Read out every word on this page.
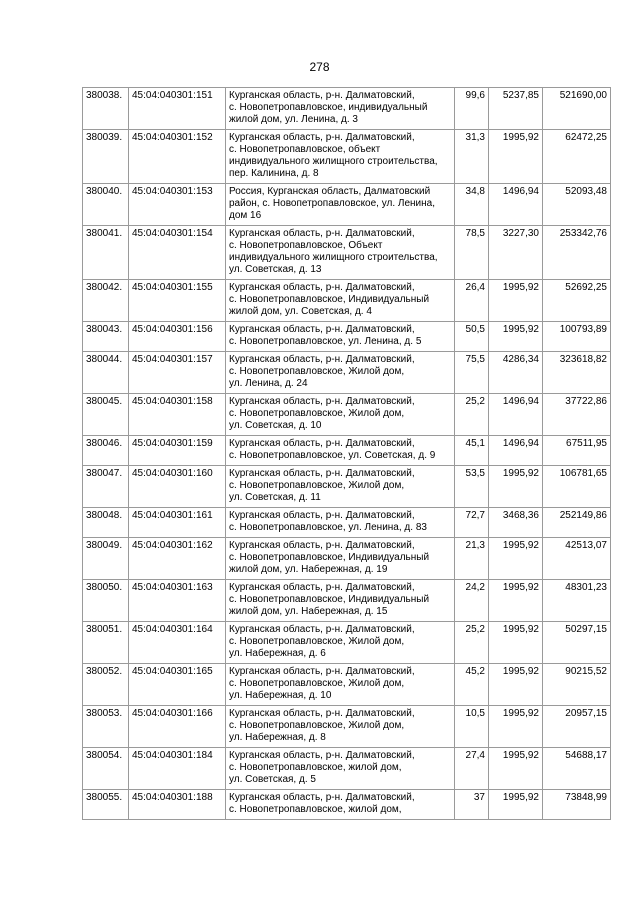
278
380038.	45:04:040301:151	Курганская область, р-н. Далматовский,
с. Новопетропавловское, индивидуальный
жилой дом, ул. Ленина, д. 3	99,6	5237,85	521690,00
380039.	45:04:040301:152	Курганская область, р-н. Далматовский,
с. Новопетропавловское, объект
индивидуального жилищного строительства,
пер. Калинина, д. 8	31,3	1995,92	62472,25
380040.	45:04:040301:153	Россия, Курганская область, Далматовский
район, с. Новопетропавловское, ул. Ленина,
дом 16	34,8	1496,94	52093,48
380041.	45:04:040301:154	Курганская область, р-н. Далматовский,
с. Новопетропавловское, Объект
индивидуального жилищного строительства,
ул. Советская, д. 13	78,5	3227,30	253342,76
380042.	45:04:040301:155	Курганская область, р-н. Далматовский,
с. Новопетропавловское, Индивидуальный
жилой дом, ул. Советская, д. 4	26,4	1995,92	52692,25
380043.	45:04:040301:156	Курганская область, р-н. Далматовский,
с. Новопетропавловское, ул. Ленина, д. 5	50,5	1995,92	100793,89
380044.	45:04:040301:157	Курганская область, р-н. Далматовский,
с. Новопетропавловское, Жилой дом,
ул. Ленина, д. 24	75,5	4286,34	323618,82
380045.	45:04:040301:158	Курганская область, р-н. Далматовский,
с. Новопетропавловское, Жилой дом,
ул. Советская, д. 10	25,2	1496,94	37722,86
380046.	45:04:040301:159	Курганская область, р-н. Далматовский,
с. Новопетропавловское, ул. Советская, д. 9	45,1	1496,94	67511,95
380047.	45:04:040301:160	Курганская область, р-н. Далматовский,
с. Новопетропавловское, Жилой дом,
ул. Советская, д. 11	53,5	1995,92	106781,65
380048.	45:04:040301:161	Курганская область, р-н. Далматовский,
с. Новопетропавловское, ул. Ленина, д. 83	72,7	3468,36	252149,86
380049.	45:04:040301:162	Курганская область, р-н. Далматовский,
с. Новопетропавловское, Индивидуальный
жилой дом, ул. Набережная, д. 19	21,3	1995,92	42513,07
380050.	45:04:040301:163	Курганская область, р-н. Далматовский,
с. Новопетропавловское, Индивидуальный
жилой дом, ул. Набережная, д. 15	24,2	1995,92	48301,23
380051.	45:04:040301:164	Курганская область, р-н. Далматовский,
с. Новопетропавловское, Жилой дом,
ул. Набережная, д. 6	25,2	1995,92	50297,15
380052.	45:04:040301:165	Курганская область, р-н. Далматовский,
с. Новопетропавловское, Жилой дом,
ул. Набережная, д. 10	45,2	1995,92	90215,52
380053.	45:04:040301:166	Курганская область, р-н. Далматовский,
с. Новопетропавловское, Жилой дом,
ул. Набережная, д. 8	10,5	1995,92	20957,15
380054.	45:04:040301:184	Курганская область, р-н. Далматовский,
с. Новопетропавловское, жилой дом,
ул. Советская, д. 5	27,4	1995,92	54688,17
380055.	45:04:040301:188	Курганская область, р-н. Далматовский,
с. Новопетропавловское, жилой дом,	37	1995,92	73848,99
